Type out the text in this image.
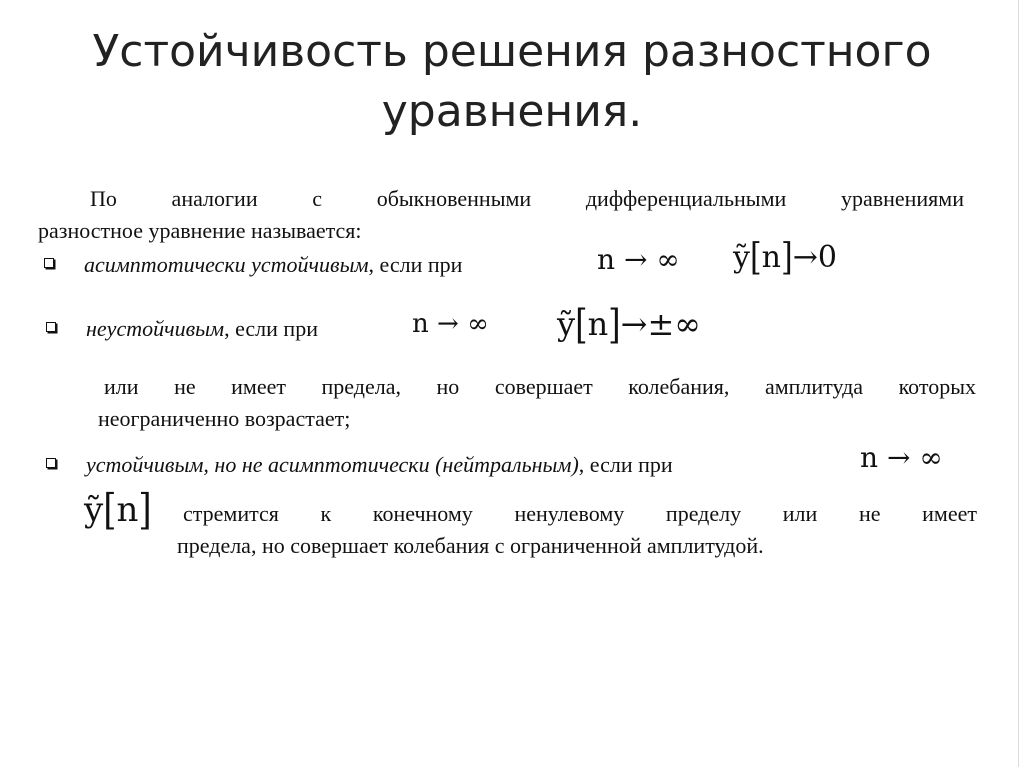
Устойчивость решения разностного
уравнения.
По аналогии с обыкновенными дифференциальными уравнениями
разностное уравнение называется:
асимптотически устойчивым, если при	n → ∞ ỹ[n]→0
неустойчивым, если при	n → ∞ ỹ[n]→±∞
или не имеет предела, но совершает колебания, амплитуда которых
неограниченно возрастает;
устойчивым, но не асимптотически (нейтральным), если при	n → ∞
ỹ[n] стремится к конечному ненулевому пределу или не имеет
предела, но совершает колебания с ограниченной амплитудой.
